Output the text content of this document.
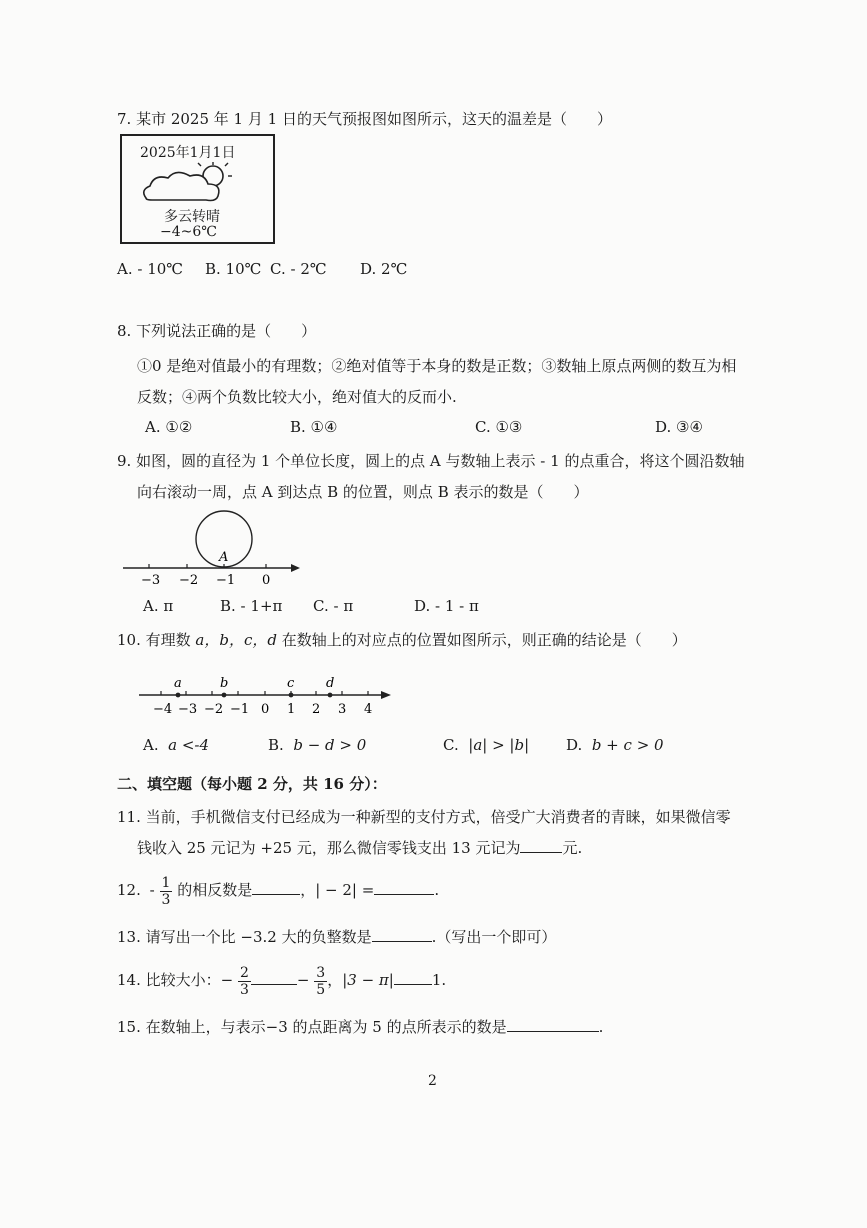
7. 某市 2025 年 1 月 1 日的天气预报图如图所示，这天的温差是（　　）
2025年1月1日
多云转晴
−4~6℃
A. - 10℃ B. 10℃ C. - 2℃ D. 2℃
8. 下列说法正确的是（　　）
①0 是绝对值最小的有理数；②绝对值等于本身的数是正数；③数轴上原点两侧的数互为相
反数；④两个负数比较大小，绝对值大的反而小.
A. ①②	B. ①④	C. ①③	D. ③④
9. 如图，圆的直径为 1 个单位长度，圆上的点 A 与数轴上表示 - 1 的点重合，将这个圆沿数轴
向右滚动一周，点 A 到达点 B 的位置，则点 B 表示的数是（　　）
A
−3 −2 −1 0
A. π	B. - 1+π C. - π	D. - 1 - π
10. 有理数 a，b，c，d 在数轴上的对应点的位置如图所示，则正确的结论是（　　）
a	b	c d
−4 −3 −2 −1 0 1 2 3 4
A. a <-4	B. b − d > 0	C. |a| > |b| D. b + c > 0
二、填空题（每小题 2 分，共 16 分）：
11. 当前，手机微信支付已经成为一种新型的支付方式，倍受广大消费者的青睐，如果微信零
钱收入 25 元记为 +25 元，那么微信零钱支出 13 元记为	元.
12. - $\frac{1}{3}$ 的相反数是	，| − 2| =	.
13. 请写出一个比 −3.2 大的负整数是	.（写出一个即可）
14. 比较大小：− $\frac{2}{3}$	− $\frac{3}{5}$ ，|3 − π|	1.
15. 在数轴上，与表示−3 的点距离为 5 的点所表示的数是	.
2
